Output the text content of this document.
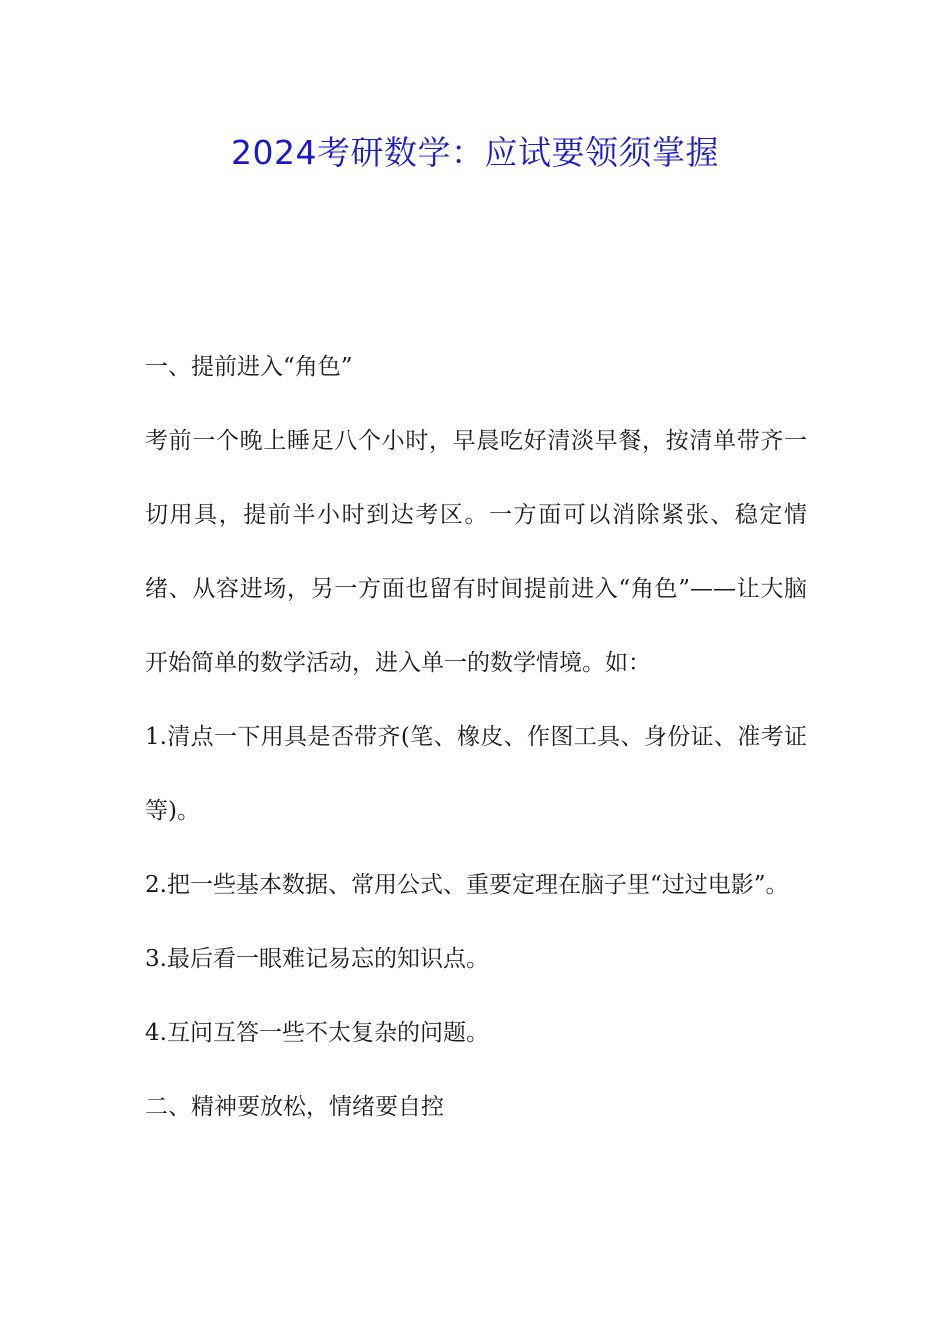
2024考研数学：应试要领须掌握

一、提前进入“角色”

考前一个晚上睡足八个小时，早晨吃好清淡早餐，按清单带齐一切用具，提前半小时到达考区。一方面可以消除紧张、稳定情绪、从容进场，另一方面也留有时间提前进入“角色”——让大脑开始简单的数学活动，进入单一的数学情境。如：

1.清点一下用具是否带齐(笔、橡皮、作图工具、身份证、准考证等)。

2.把一些基本数据、常用公式、重要定理在脑子里“过过电影”。

3.最后看一眼难记易忘的知识点。

4.互问互答一些不太复杂的问题。

二、精神要放松，情绪要自控
